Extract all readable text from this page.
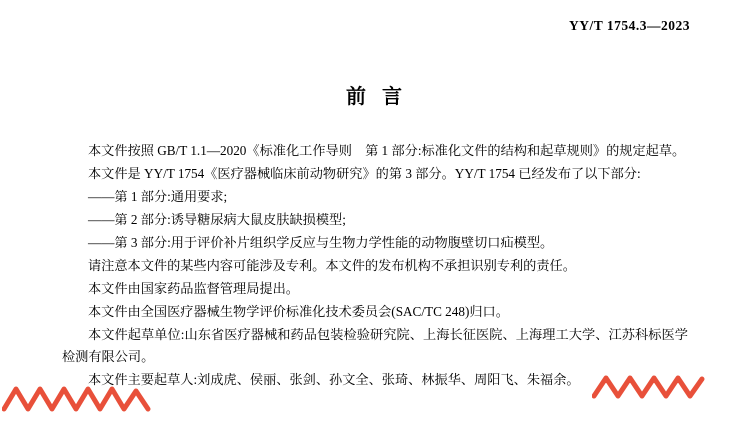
YY/T 1754.3—2023
前言

本文件按照 GB/T 1.1—2020《标准化工作导则　第 1 部分:标准化文件的结构和起草规则》的规定起草。

本文件是 YY/T 1754《医疗器械临床前动物研究》的第 3 部分。YY/T 1754 已经发布了以下部分:

——第 1 部分:通用要求;

——第 2 部分:诱导糖尿病大鼠皮肤缺损模型;

——第 3 部分:用于评价补片组织学反应与生物力学性能的动物腹壁切口疝模型。

请注意本文件的某些内容可能涉及专利。本文件的发布机构不承担识别专利的责任。

本文件由国家药品监督管理局提出。

本文件由全国医疗器械生物学评价标准化技术委员会(SAC/TC 248)归口。

本文件起草单位:山东省医疗器械和药品包装检验研究院、上海长征医院、上海理工大学、江苏科标医学检测有限公司。

本文件主要起草人:刘成虎、侯丽、张剑、孙文全、张琦、林振华、周阳飞、朱福余。
